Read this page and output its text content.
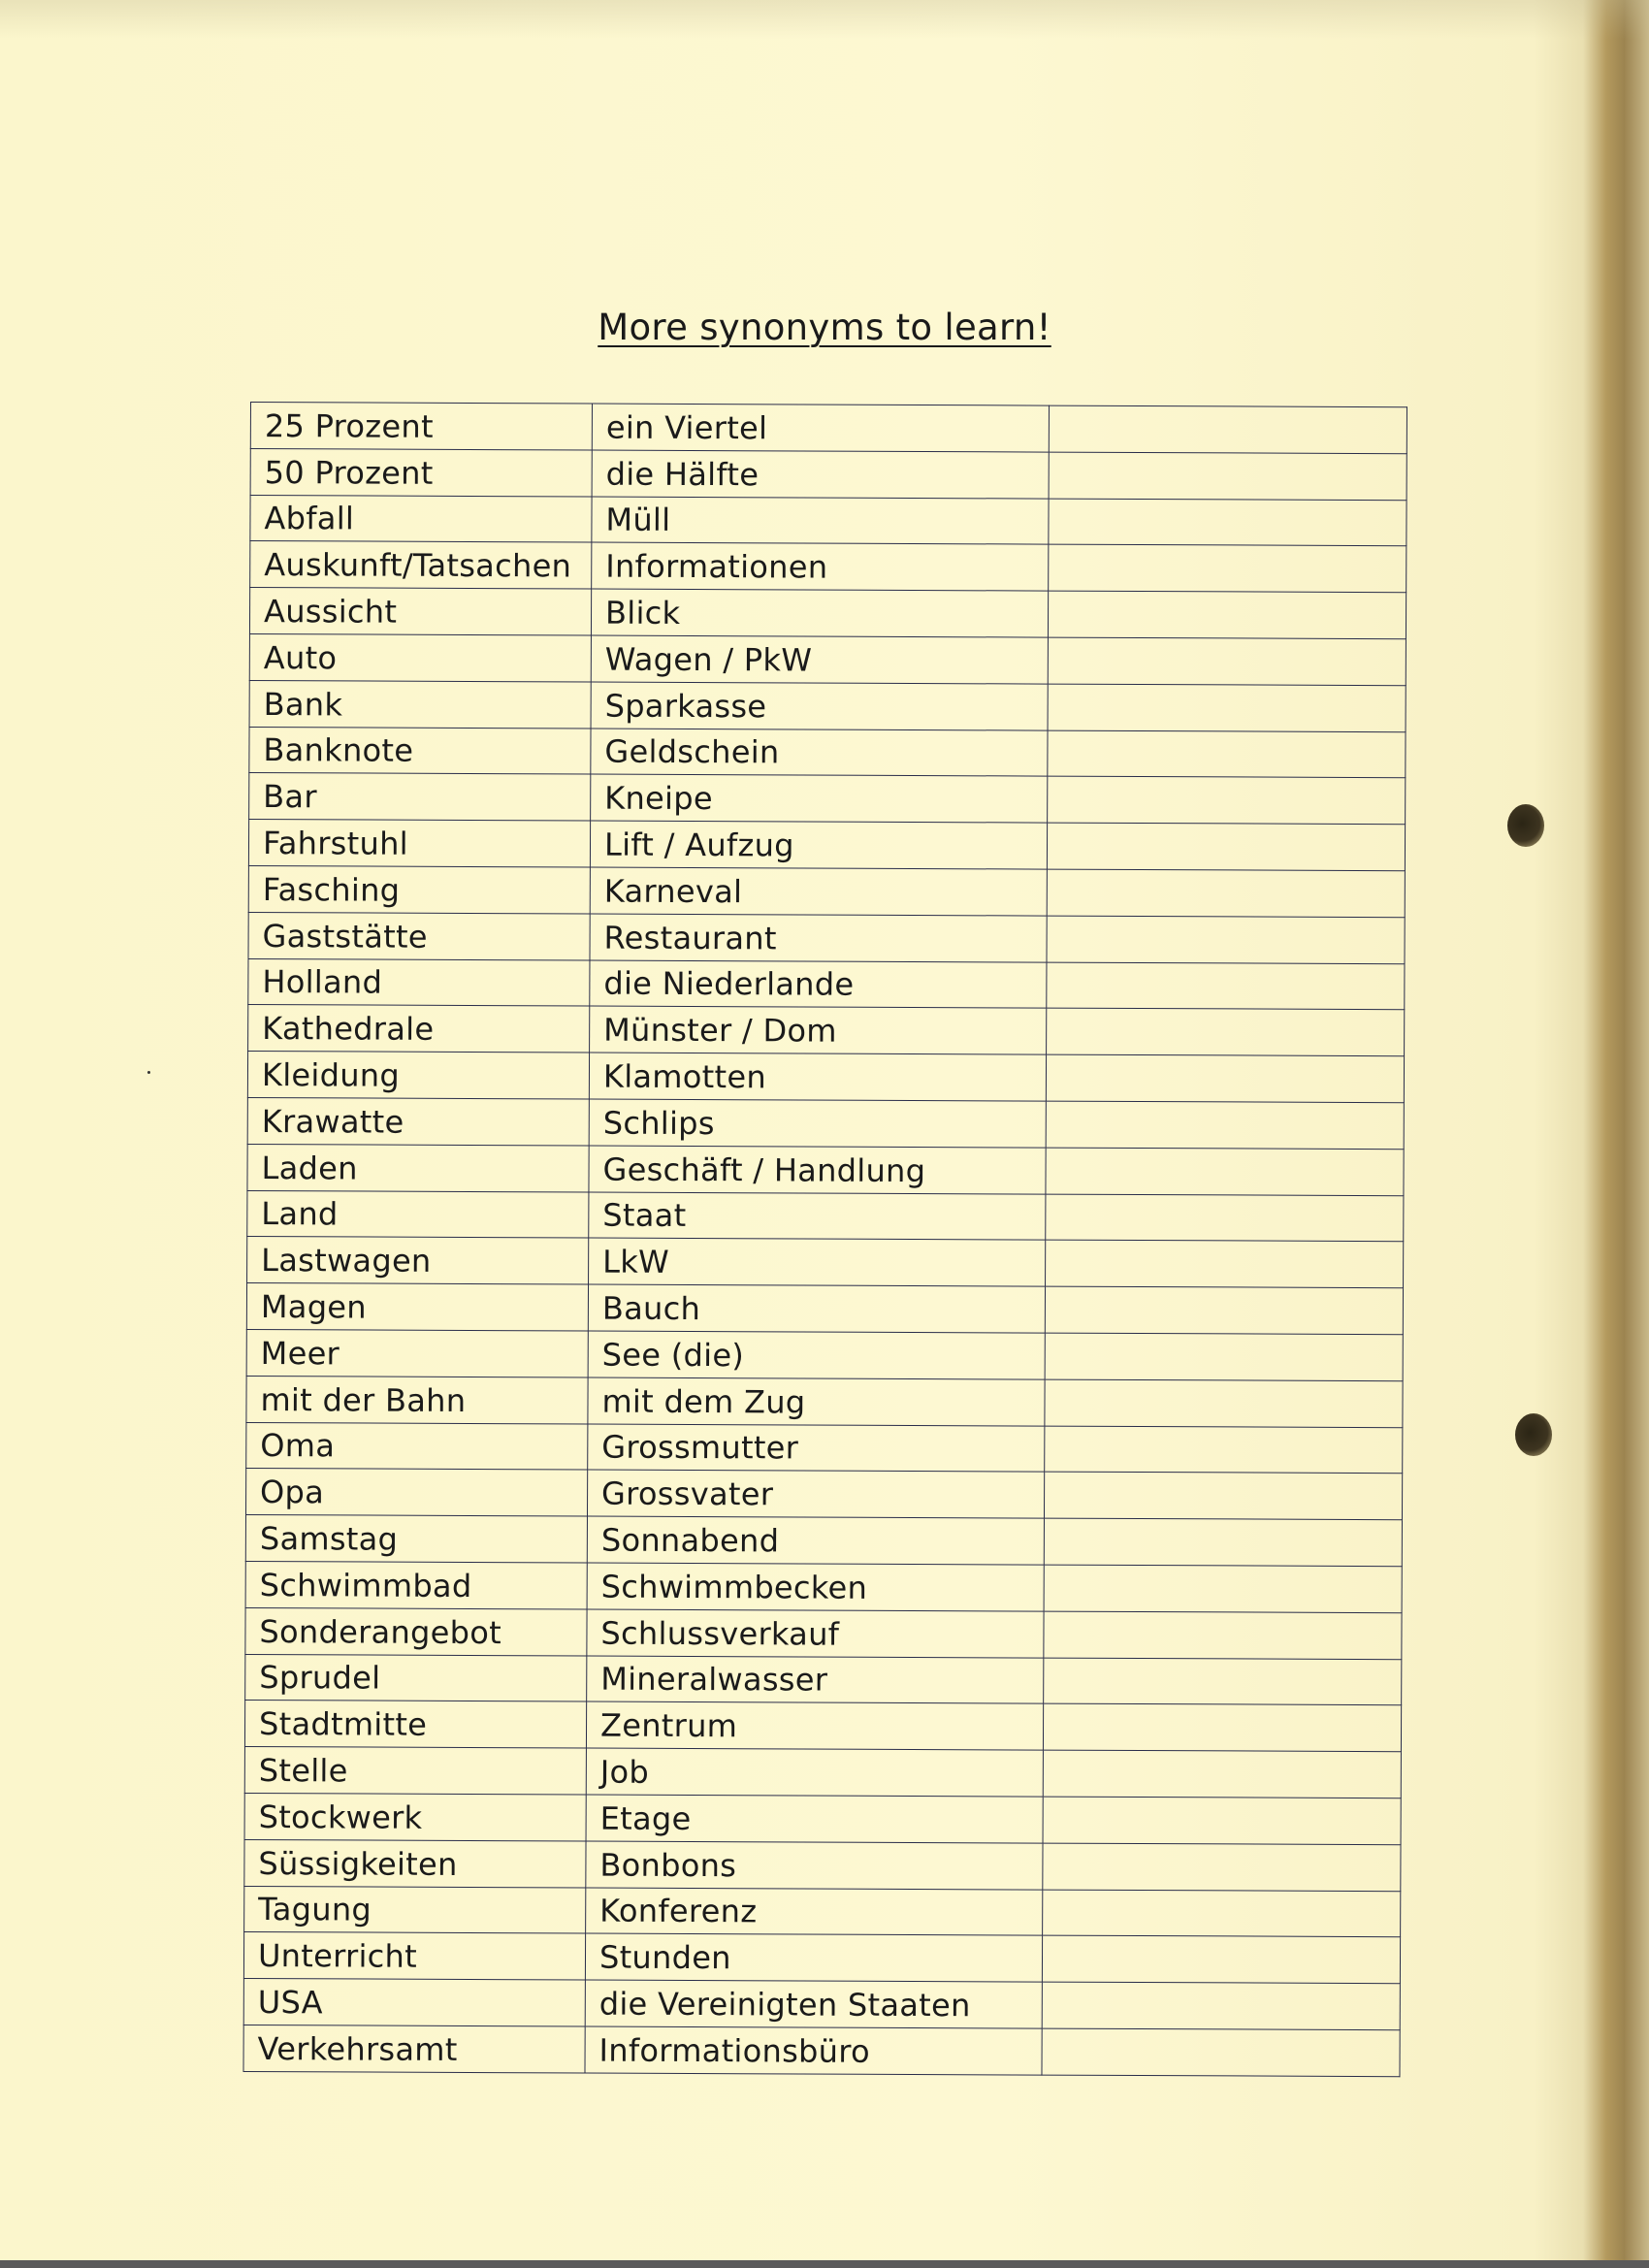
More synonyms to learn!
25 Prozent	ein Viertel	
50 Prozent	die Hälfte	
Abfall	Müll	
Auskunft/Tatsachen	Informationen	
Aussicht	Blick	
Auto	Wagen / PkW	
Bank	Sparkasse	
Banknote	Geldschein	
Bar	Kneipe	
Fahrstuhl	Lift / Aufzug	
Fasching	Karneval	
Gaststätte	Restaurant	
Holland	die Niederlande	
Kathedrale	Münster / Dom	
Kleidung	Klamotten	
Krawatte	Schlips	
Laden	Geschäft / Handlung	
Land	Staat	
Lastwagen	LkW	
Magen	Bauch	
Meer	See (die)	
mit der Bahn	mit dem Zug	
Oma	Grossmutter	
Opa	Grossvater	
Samstag	Sonnabend	
Schwimmbad	Schwimmbecken	
Sonderangebot	Schlussverkauf	
Sprudel	Mineralwasser	
Stadtmitte	Zentrum	
Stelle	Job	
Stockwerk	Etage	
Süssigkeiten	Bonbons	
Tagung	Konferenz	
Unterricht	Stunden	
USA	die Vereinigten Staaten	
Verkehrsamt	Informationsbüro	
